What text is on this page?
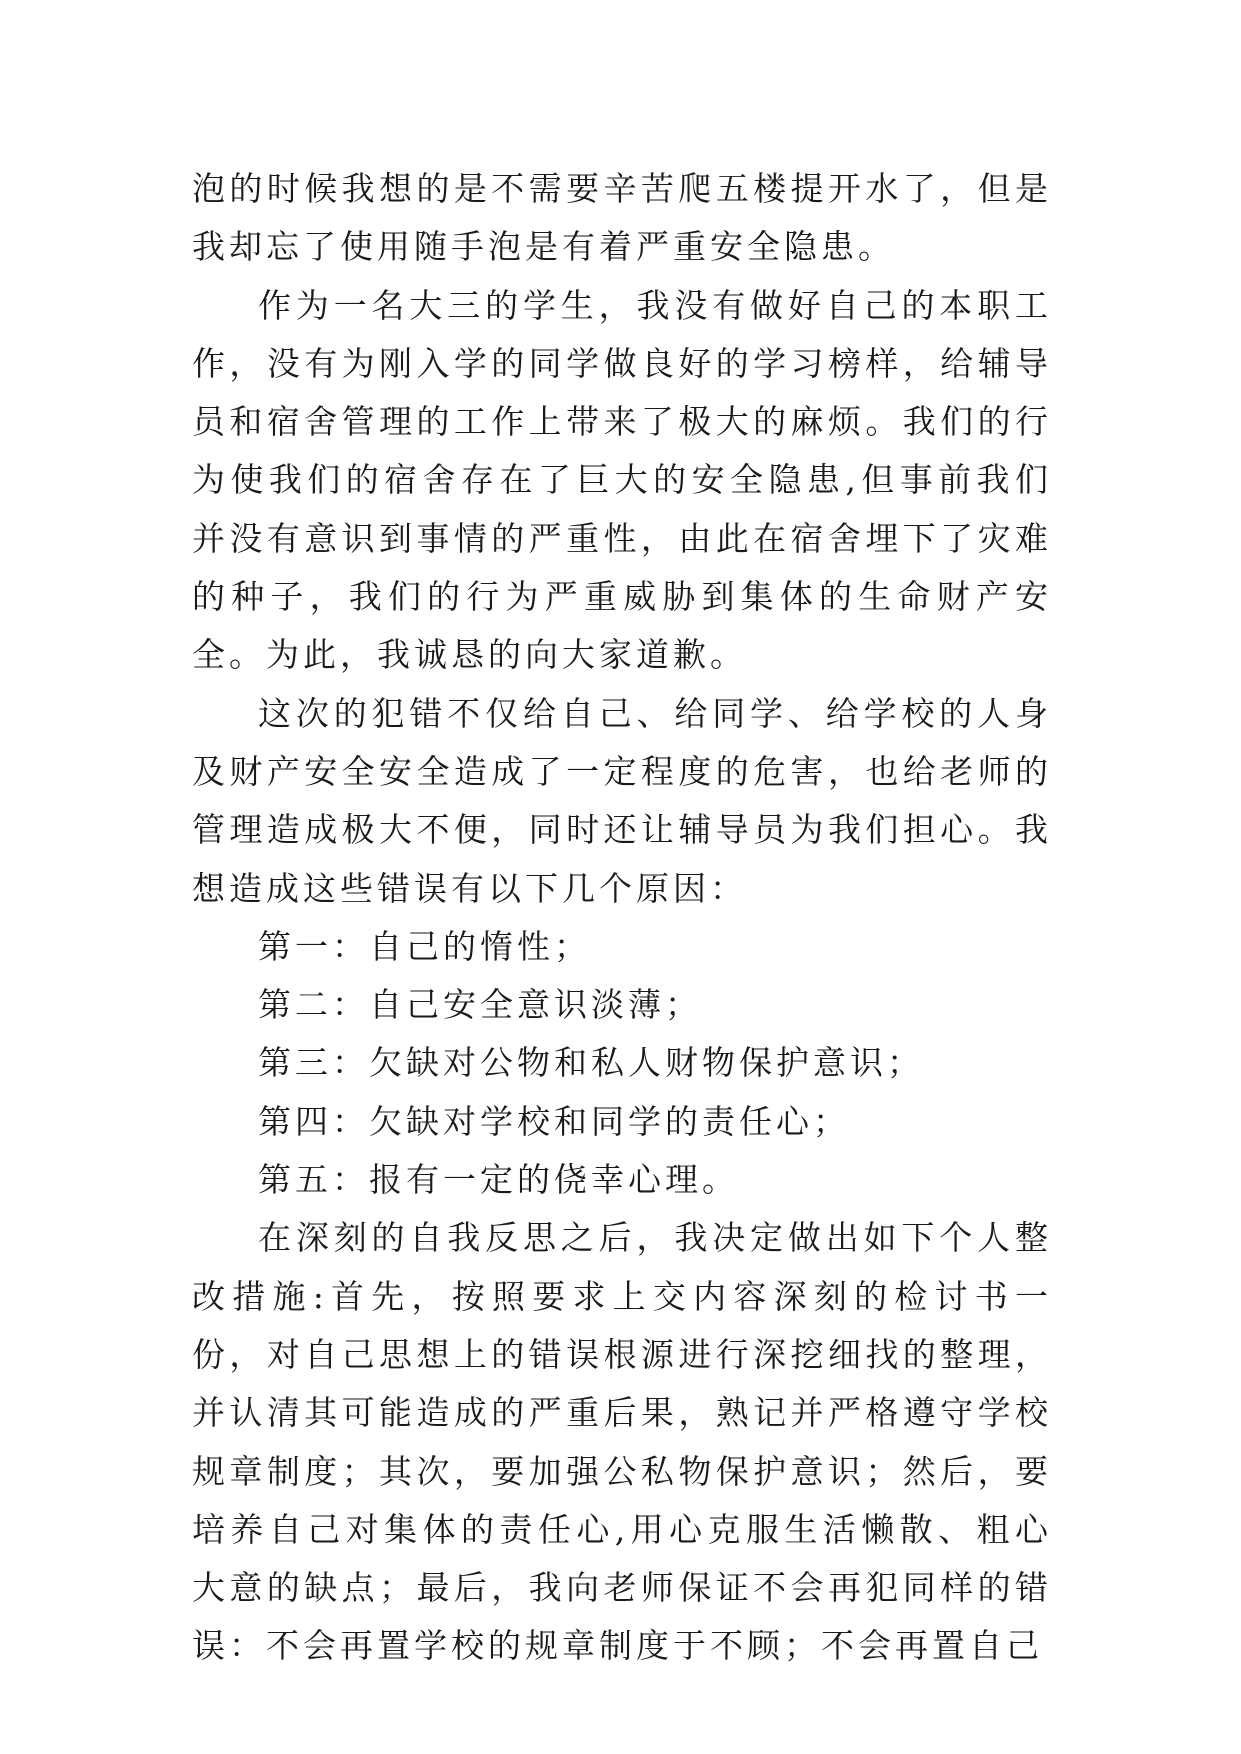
泡的时候我想的是不需要辛苦爬五楼提开水了，但是我却忘了使用随手泡是有着严重安全隐患。

作为一名大三的学生，我没有做好自己的本职工作，没有为刚入学的同学做良好的学习榜样，给辅导员和宿舍管理的工作上带来了极大的麻烦。我们的行为使我们的宿舍存在了巨大的安全隐患,但事前我们并没有意识到事情的严重性，由此在宿舍埋下了灾难的种子，我们的行为严重威胁到集体的生命财产安全。为此，我诚恳的向大家道歉。

这次的犯错不仅给自己、给同学、给学校的人身及财产安全安全造成了一定程度的危害，也给老师的管理造成极大不便，同时还让辅导员为我们担心。我想造成这些错误有以下几个原因：

第一：自己的惰性；

第二：自己安全意识淡薄；

第三：欠缺对公物和私人财物保护意识；

第四：欠缺对学校和同学的责任心；

第五：报有一定的侥幸心理。

在深刻的自我反思之后，我决定做出如下个人整改措施:首先，按照要求上交内容深刻的检讨书一份，对自己思想上的错误根源进行深挖细找的整理，并认清其可能造成的严重后果，熟记并严格遵守学校规章制度；其次，要加强公私物保护意识；然后，要培养自己对集体的责任心,用心克服生活懒散、粗心大意的缺点；最后，我向老师保证不会再犯同样的错误：不会再置学校的规章制度于不顾；不会再置自己
